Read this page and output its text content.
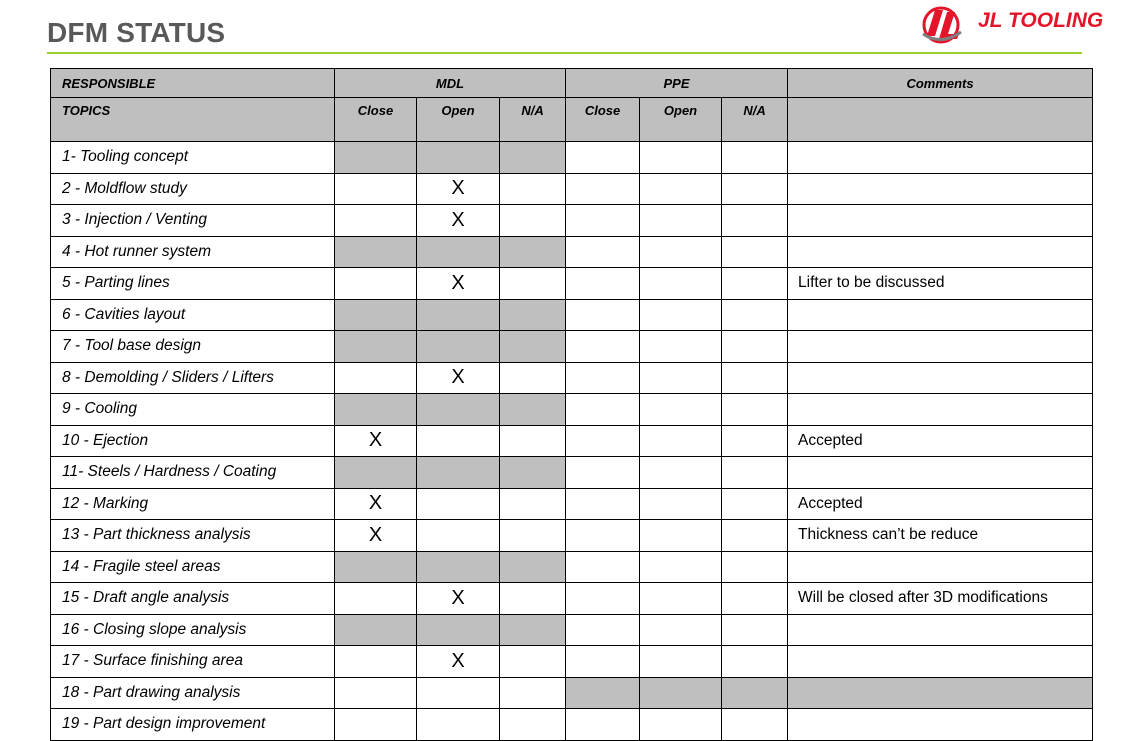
DFM STATUS	JL TOOLING
RESPONSIBLE	MDL			PPE			Comments
TOPICS	Close	Open	N/A	Close	Open	N/A	
1- Tooling concept							
2 - Moldflow study		X					
3 - Injection / Venting		X					
4 - Hot runner system							
5 - Parting lines		X					Lifter to be discussed
6 - Cavities layout							
7 - Tool base design							
8 - Demolding / Sliders / Lifters		X					
9 - Cooling							
10 - Ejection	X						Accepted
11- Steels / Hardness / Coating							
12 - Marking	X						Accepted
13 - Part thickness analysis	X						Thickness can’t be reduce
14 - Fragile steel areas							
15 - Draft angle analysis		X					Will be closed after 3D modifications
16 - Closing slope analysis							
17 - Surface finishing area		X					
18 - Part drawing analysis							
19 - Part design improvement							
